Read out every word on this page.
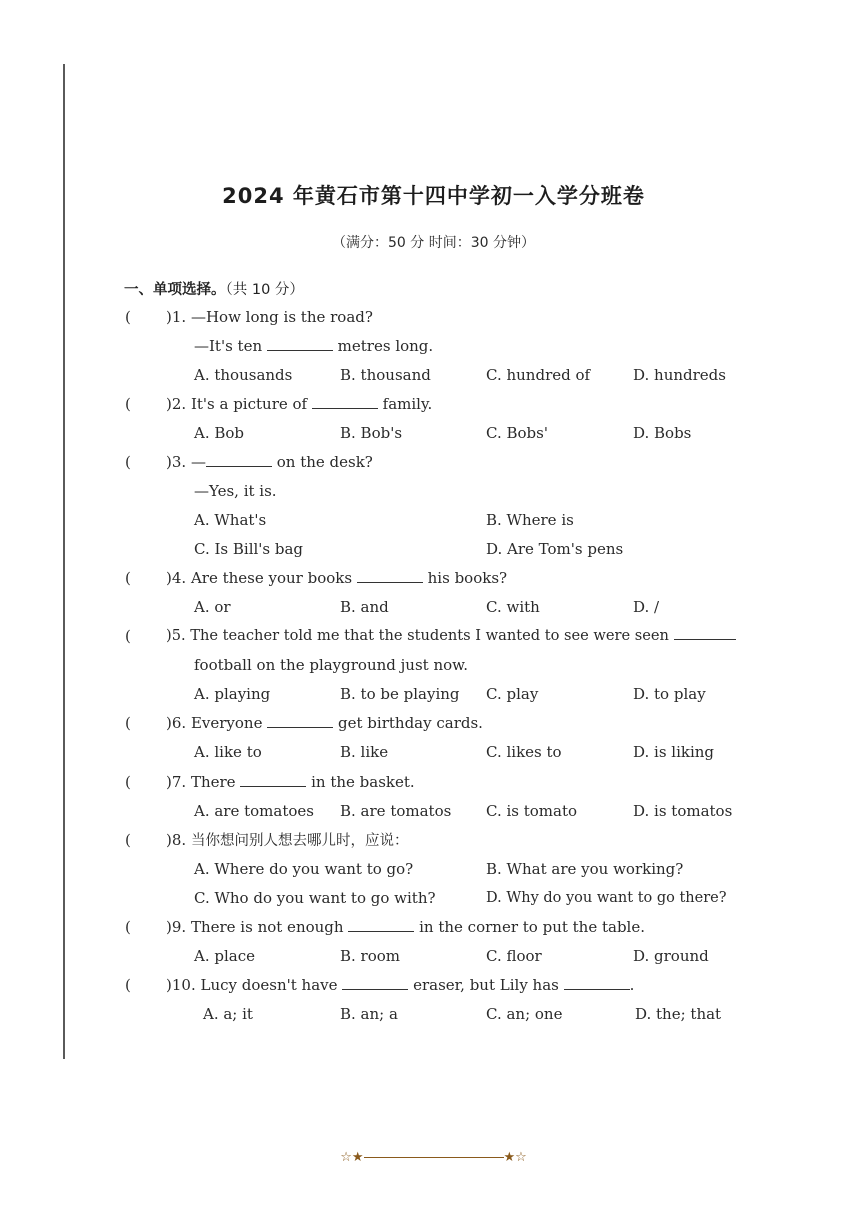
2024 年黄石市第十四中学初一入学分班卷
（满分：50 分 时间：30 分钟）
一、单项选择。（共 10 分）
( )1. —How long is the road?
—It's ten	metres long.
A. thousands	B. thousand	C. hundred of	D. hundreds
( )2. It's a picture of	family.
A. Bob	B. Bob's	C. Bobs'	D. Bobs
( )3. —	on the desk?
—Yes, it is.
A. What's	B. Where is
C. Is Bill's bag	D. Are Tom's pens
( )4. Are these your books	his books?
A. or	B. and	C. with	D. /
( )5. The teacher told me that the students I wanted to see were seen
football on the playground just now.
A. playing	B. to be playing C. play	D. to play
( )6. Everyone	get birthday cards.
A. like to	B. like	C. likes to	D. is liking
( )7. There	in the basket.
A. are tomatoes B. are tomatos C. is tomato	D. is tomatos
( )8. 当你想问别人想去哪儿时，应说：
A. Where do you want to go?	B. What are you working?
C. Who do you want to go with?	D. Why do you want to go there?
( )9. There is not enough	in the corner to put the table.
A. place	B. room	C. floor	D. ground
( )10. Lucy doesn't have	eraser, but Lily has	.
A. a; it	B. an; a	C. an; one	D. the; that
☆★	★☆
